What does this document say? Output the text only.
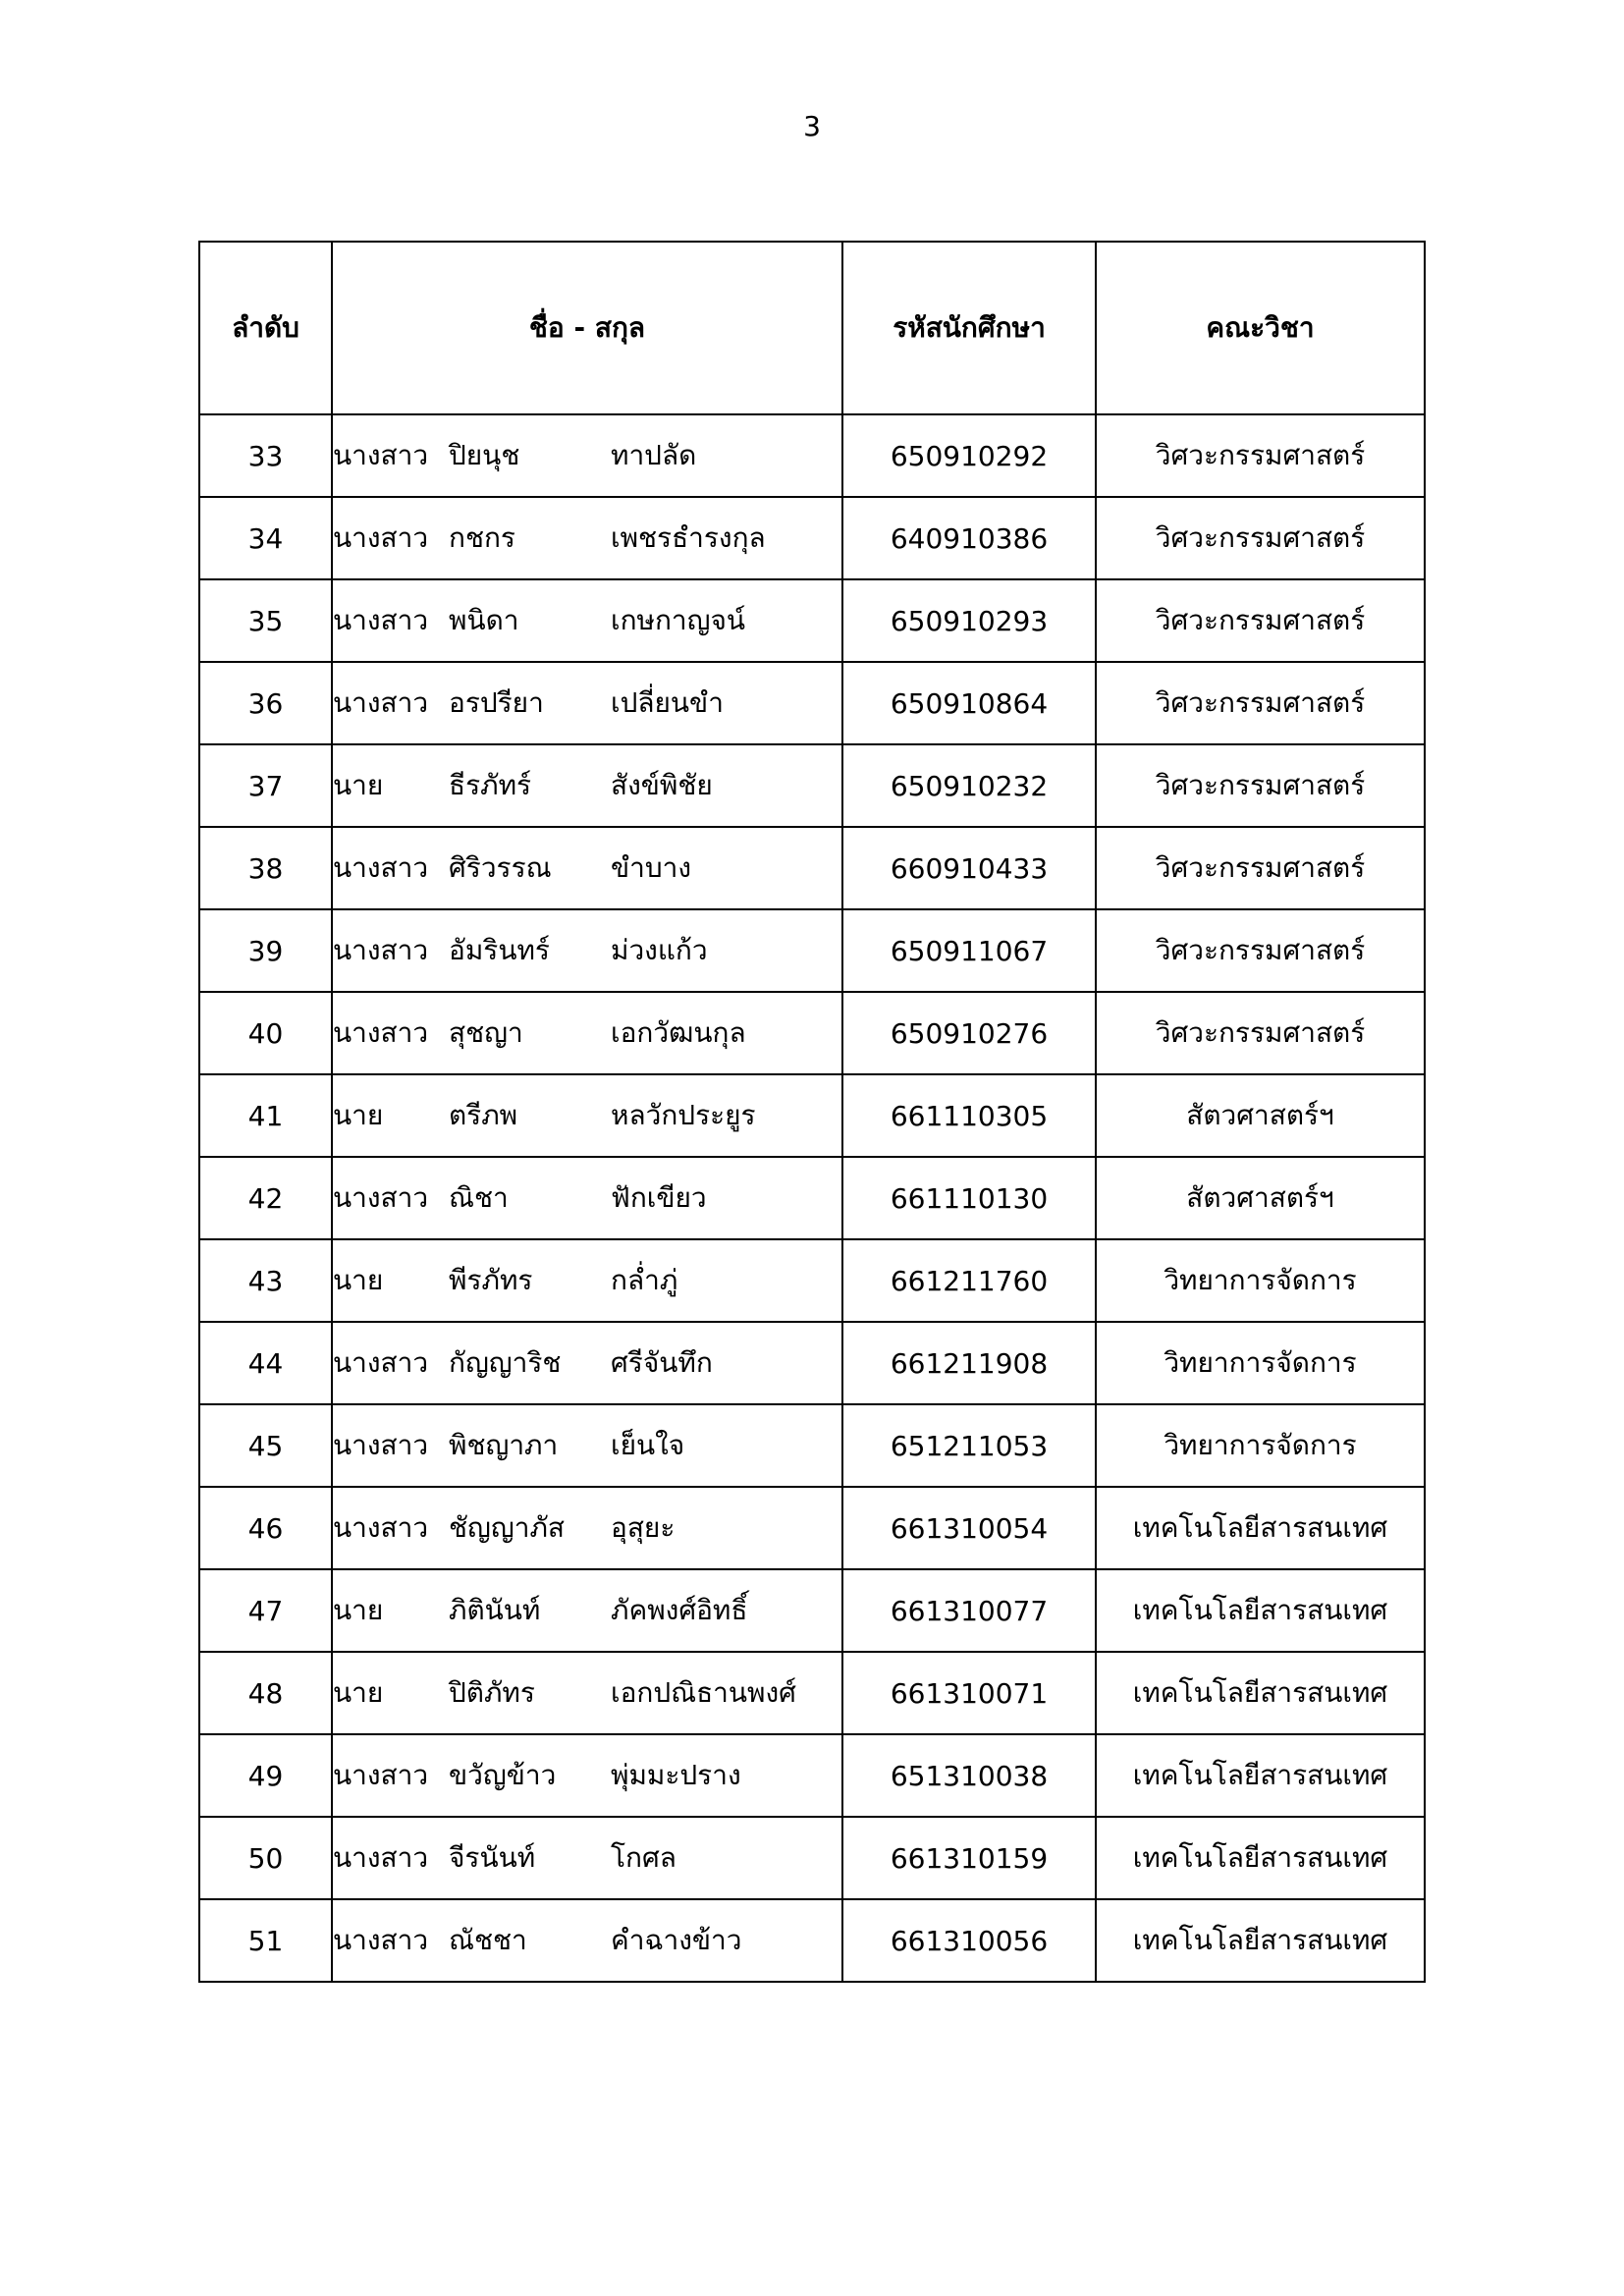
3
ลำดับ	ชื่อ - สกุล	รหัสนักศึกษา	คณะวิชา
33	นางสาว ปิยนุช ทาปลัด	650910292	วิศวะกรรมศาสตร์
34	นางสาว กชกร เพชรธำรงกุล	640910386	วิศวะกรรมศาสตร์
35	นางสาว พนิดา เกษกาญจน์	650910293	วิศวะกรรมศาสตร์
36	นางสาว อรปรียา เปลี่ยนขำ	650910864	วิศวะกรรมศาสตร์
37	นาย ธีรภัทร์ สังข์พิชัย	650910232	วิศวะกรรมศาสตร์
38	นางสาว ศิริวรรณ ขำบาง	660910433	วิศวะกรรมศาสตร์
39	นางสาว อัมรินทร์ ม่วงแก้ว	650911067	วิศวะกรรมศาสตร์
40	นางสาว สุชญา เอกวัฒนกุล	650910276	วิศวะกรรมศาสตร์
41	นาย ตรีภพ หลวักประยูร	661110305	สัตวศาสตร์ฯ
42	นางสาว ณิชา ฟักเขียว	661110130	สัตวศาสตร์ฯ
43	นาย พีรภัทร กล่ำภู่	661211760	วิทยาการจัดการ
44	นางสาว กัญญาริช ศรีจันทึก	661211908	วิทยาการจัดการ
45	นางสาว พิชญาภา เย็นใจ	651211053	วิทยาการจัดการ
46	นางสาว ชัญญาภัส อุสุยะ	661310054	เทคโนโลยีสารสนเทศ
47	นาย ภิตินันท์ ภัคพงศ์อิทธิ์	661310077	เทคโนโลยีสารสนเทศ
48	นาย ปิติภัทร เอกปณิธานพงศ์	661310071	เทคโนโลยีสารสนเทศ
49	นางสาว ขวัญข้าว พุ่มมะปราง	651310038	เทคโนโลยีสารสนเทศ
50	นางสาว จีรนันท์ โกศล	661310159	เทคโนโลยีสารสนเทศ
51	นางสาว ณัชชา คำฉางข้าว	661310056	เทคโนโลยีสารสนเทศ
